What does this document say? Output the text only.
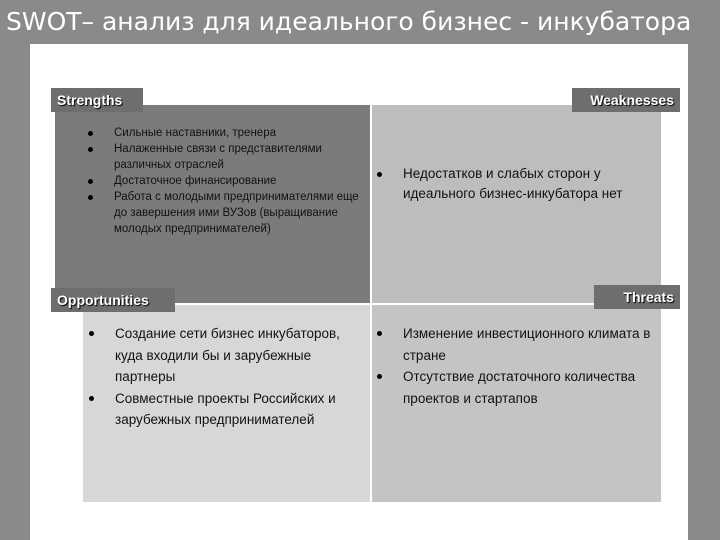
SWOT– анализ для идеального бизнес - инкубатора
Strengths	Weaknesses
Opportunities	Threats
Сильные наставники, тренера
Налаженные связи с представителями различных отраслей
Достаточное финансирование
Работа с молодыми предпринимателями еще до завершения ими ВУЗов (выращивание молодых предпринимателей)
Недостатков и слабых сторон у идеального бизнес-инкубатора нет
Создание сети бизнес инкубаторов, куда входили бы и зарубежные партнеры
Совместные проекты Российских и зарубежных предпринимателей
Изменение инвестиционного климата в стране
Отсутствие достаточного количества проектов и стартапов
